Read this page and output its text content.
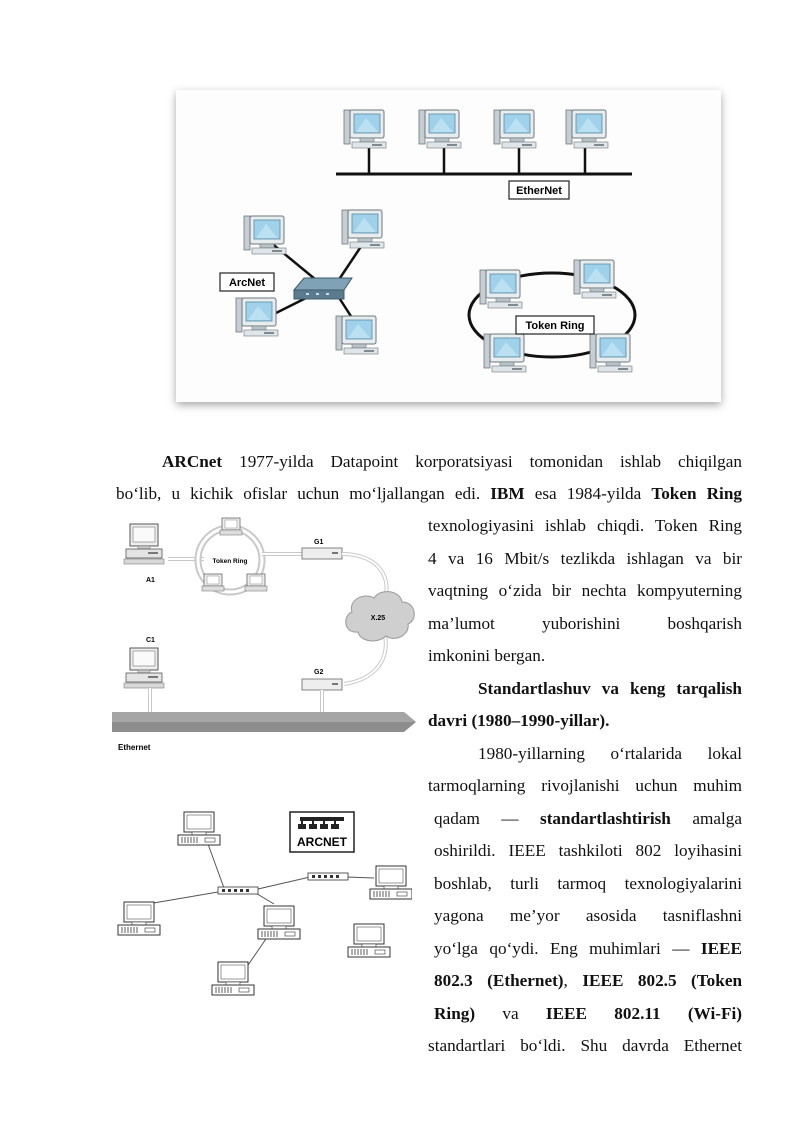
EtherNet
ArcNet
Token Ring
Ethernet
A1
C1
Token Ring
G1
X.25
G2
ARCNET

ARCnet 1977-yilda Datapoint korporatsiyasi tomonidan ishlab chiqilgan

bo‘lib, u kichik ofislar uchun mo‘ljallangan edi. IBM esa 1984-yilda Token Ring

texnologiyasini ishlab chiqdi. Token Ring

4 va 16 Mbit/s tezlikda ishlagan va bir

vaqtning o‘zida bir nechta kompyuterning

ma’lumot yuborishini boshqarish

imkonini bergan.

Standartlashuv va keng tarqalish

davri (1980–1990-yillar).

1980-yillarning o‘rtalarida lokal

tarmoqlarning rivojlanishi uchun muhim

qadam — standartlashtirish amalga

oshirildi. IEEE tashkiloti 802 loyihasini

boshlab, turli tarmoq texnologiyalarini

yagona me’yor asosida tasniflashni

yo‘lga qo‘ydi. Eng muhimlari — IEEE

802.3 (Ethernet), IEEE 802.5 (Token

Ring) va IEEE 802.11 (Wi-Fi)

standartlari bo‘ldi. Shu davrda Ethernet
